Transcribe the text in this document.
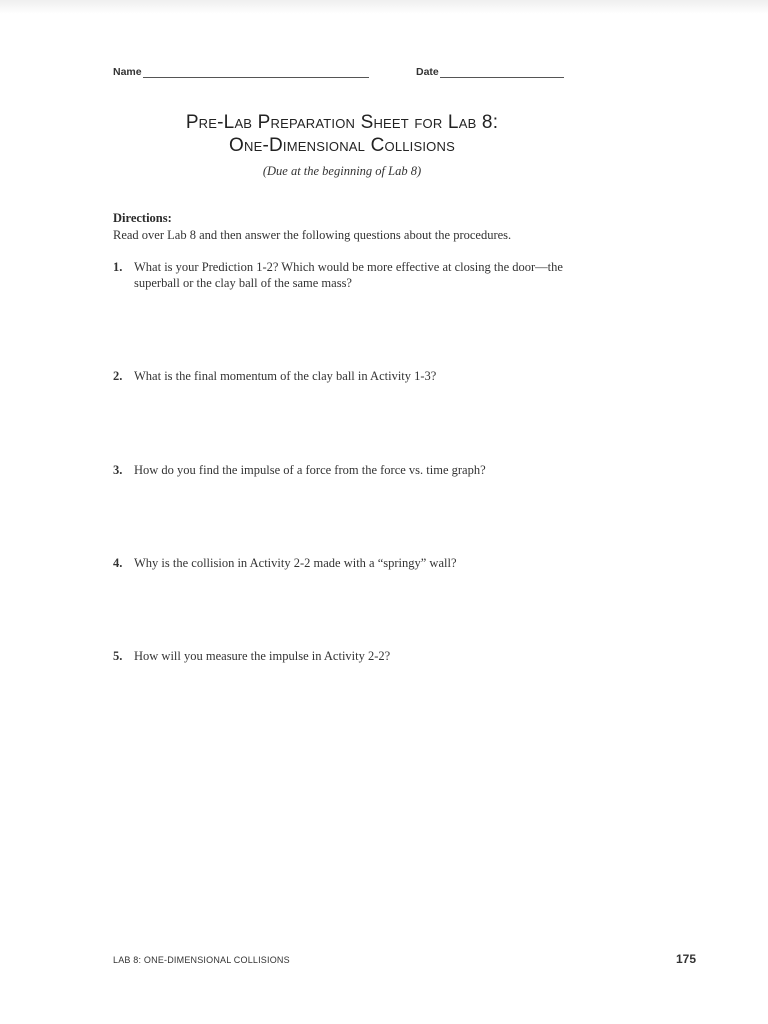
Name	Date
Pre-Lab Preparation Sheet for Lab 8:
One-Dimensional Collisions
(Due at the beginning of Lab 8)
Directions:
Read over Lab 8 and then answer the following questions about the procedures.
1. What is your Prediction 1-2? Which would be more effective at closing the door—the superball or the clay ball of the same mass?
2. What is the final momentum of the clay ball in Activity 1-3?
3. How do you find the impulse of a force from the force vs. time graph?
4. Why is the collision in Activity 2-2 made with a “springy” wall?
5. How will you measure the impulse in Activity 2-2?
LAB 8: ONE-DIMENSIONAL COLLISIONS	175
